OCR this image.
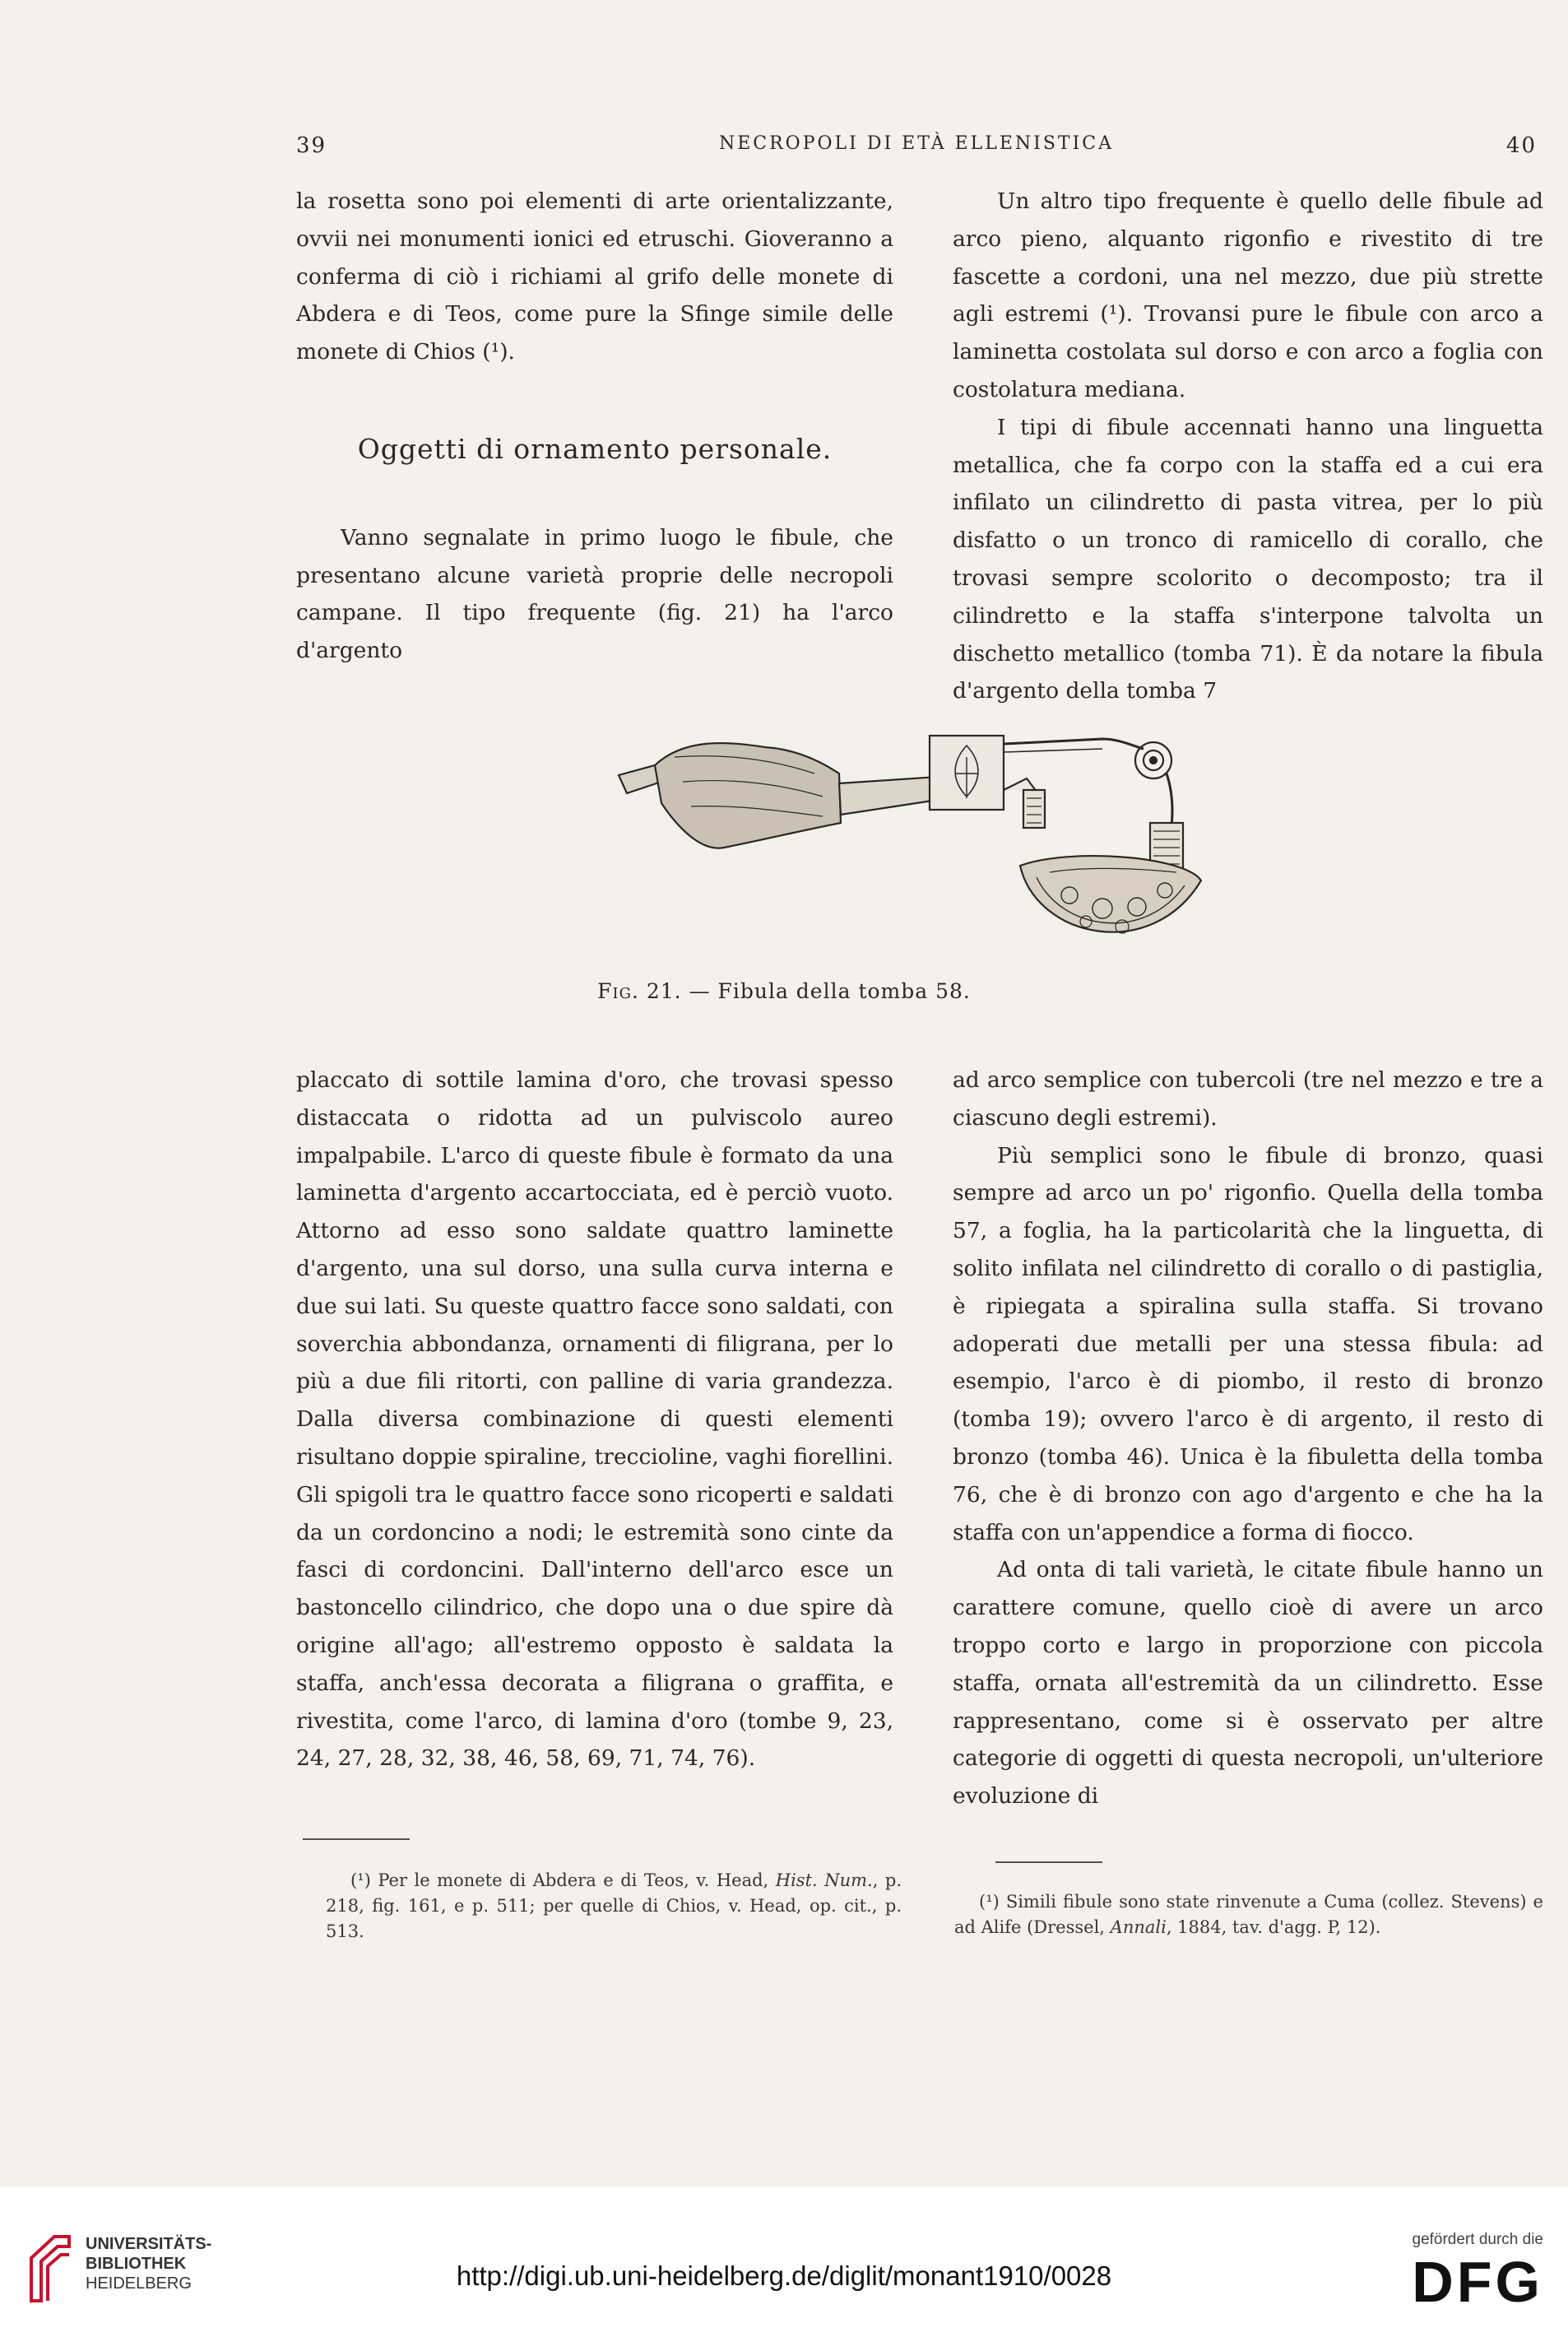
39	NECROPOLI DI ETÀ ELLENISTICA	40

la rosetta sono poi elementi di arte orientalizzante, ovvii nei monumenti ionici ed etruschi. Gioveranno a conferma di ciò i richiami al grifo delle monete di Abdera e di Teos, come pure la Sfinge simile delle monete di Chios (¹).

Oggetti di ornamento personale.

Vanno segnalate in primo luogo le fibule, che presentano alcune varietà proprie delle necropoli campane. Il tipo frequente (fig. 21) ha l'arco d'argento

Un altro tipo frequente è quello delle fibule ad arco pieno, alquanto rigonfio e rivestito di tre fascette a cordoni, una nel mezzo, due più strette agli estremi (¹). Trovansi pure le fibule con arco a laminetta costolata sul dorso e con arco a foglia con costolatura mediana.

I tipi di fibule accennati hanno una linguetta metallica, che fa corpo con la staffa ed a cui era infilato un cilindretto di pasta vitrea, per lo più disfatto o un tronco di ramicello di corallo, che trovasi sempre scolorito o decomposto; tra il cilindretto e la staffa s'interpone talvolta un dischetto metallico (tomba 71). È da notare la fibula d'argento della tomba 7

Fig. 21. — Fibula della tomba 58.

placcato di sottile lamina d'oro, che trovasi spesso distaccata o ridotta ad un pulviscolo aureo impalpabile. L'arco di queste fibule è formato da una laminetta d'argento accartocciata, ed è perciò vuoto. Attorno ad esso sono saldate quattro laminette d'argento, una sul dorso, una sulla curva interna e due sui lati. Su queste quattro facce sono saldati, con soverchia abbondanza, ornamenti di filigrana, per lo più a due fili ritorti, con palline di varia grandezza. Dalla diversa combinazione di questi elementi risultano doppie spiraline, treccioline, vaghi fiorellini. Gli spigoli tra le quattro facce sono ricoperti e saldati da un cordoncino a nodi; le estremità sono cinte da fasci di cordoncini. Dall'interno dell'arco esce un bastoncello cilindrico, che dopo una o due spire dà origine all'ago; all'estremo opposto è saldata la staffa, anch'essa decorata a filigrana o graffita, e rivestita, come l'arco, di lamina d'oro (tombe 9, 23, 24, 27, 28, 32, 38, 46, 58, 69, 71, 74, 76).

ad arco semplice con tubercoli (tre nel mezzo e tre a ciascuno degli estremi).

Più semplici sono le fibule di bronzo, quasi sempre ad arco un po' rigonfio. Quella della tomba 57, a foglia, ha la particolarità che la linguetta, di solito infilata nel cilindretto di corallo o di pastiglia, è ripiegata a spiralina sulla staffa. Si trovano adoperati due metalli per una stessa fibula: ad esempio, l'arco è di piombo, il resto di bronzo (tomba 19); ovvero l'arco è di argento, il resto di bronzo (tomba 46). Unica è la fibuletta della tomba 76, che è di bronzo con ago d'argento e che ha la staffa con un'appendice a forma di fiocco.

Ad onta di tali varietà, le citate fibule hanno un carattere comune, quello cioè di avere un arco troppo corto e largo in proporzione con piccola staffa, ornata all'estremità da un cilindretto. Esse rappresentano, come si è osservato per altre categorie di oggetti di questa necropoli, un'ulteriore evoluzione di

(¹) Per le monete di Abdera e di Teos, v. Head, Hist. Num., p. 218, fig. 161, e p. 511; per quelle di Chios, v. Head, op. cit., p. 513.

(¹) Simili fibule sono state rinvenute a Cuma (collez. Stevens) e ad Alife (Dressel, Annali, 1884, tav. d'agg. P, 12).

UNIVERSITÄTS-
BIBLIOTHEK
HEIDELBERG	http://digi.ub.uni-heidelberg.de/diglit/monant1910/0028
gefördert durch die
DFG
